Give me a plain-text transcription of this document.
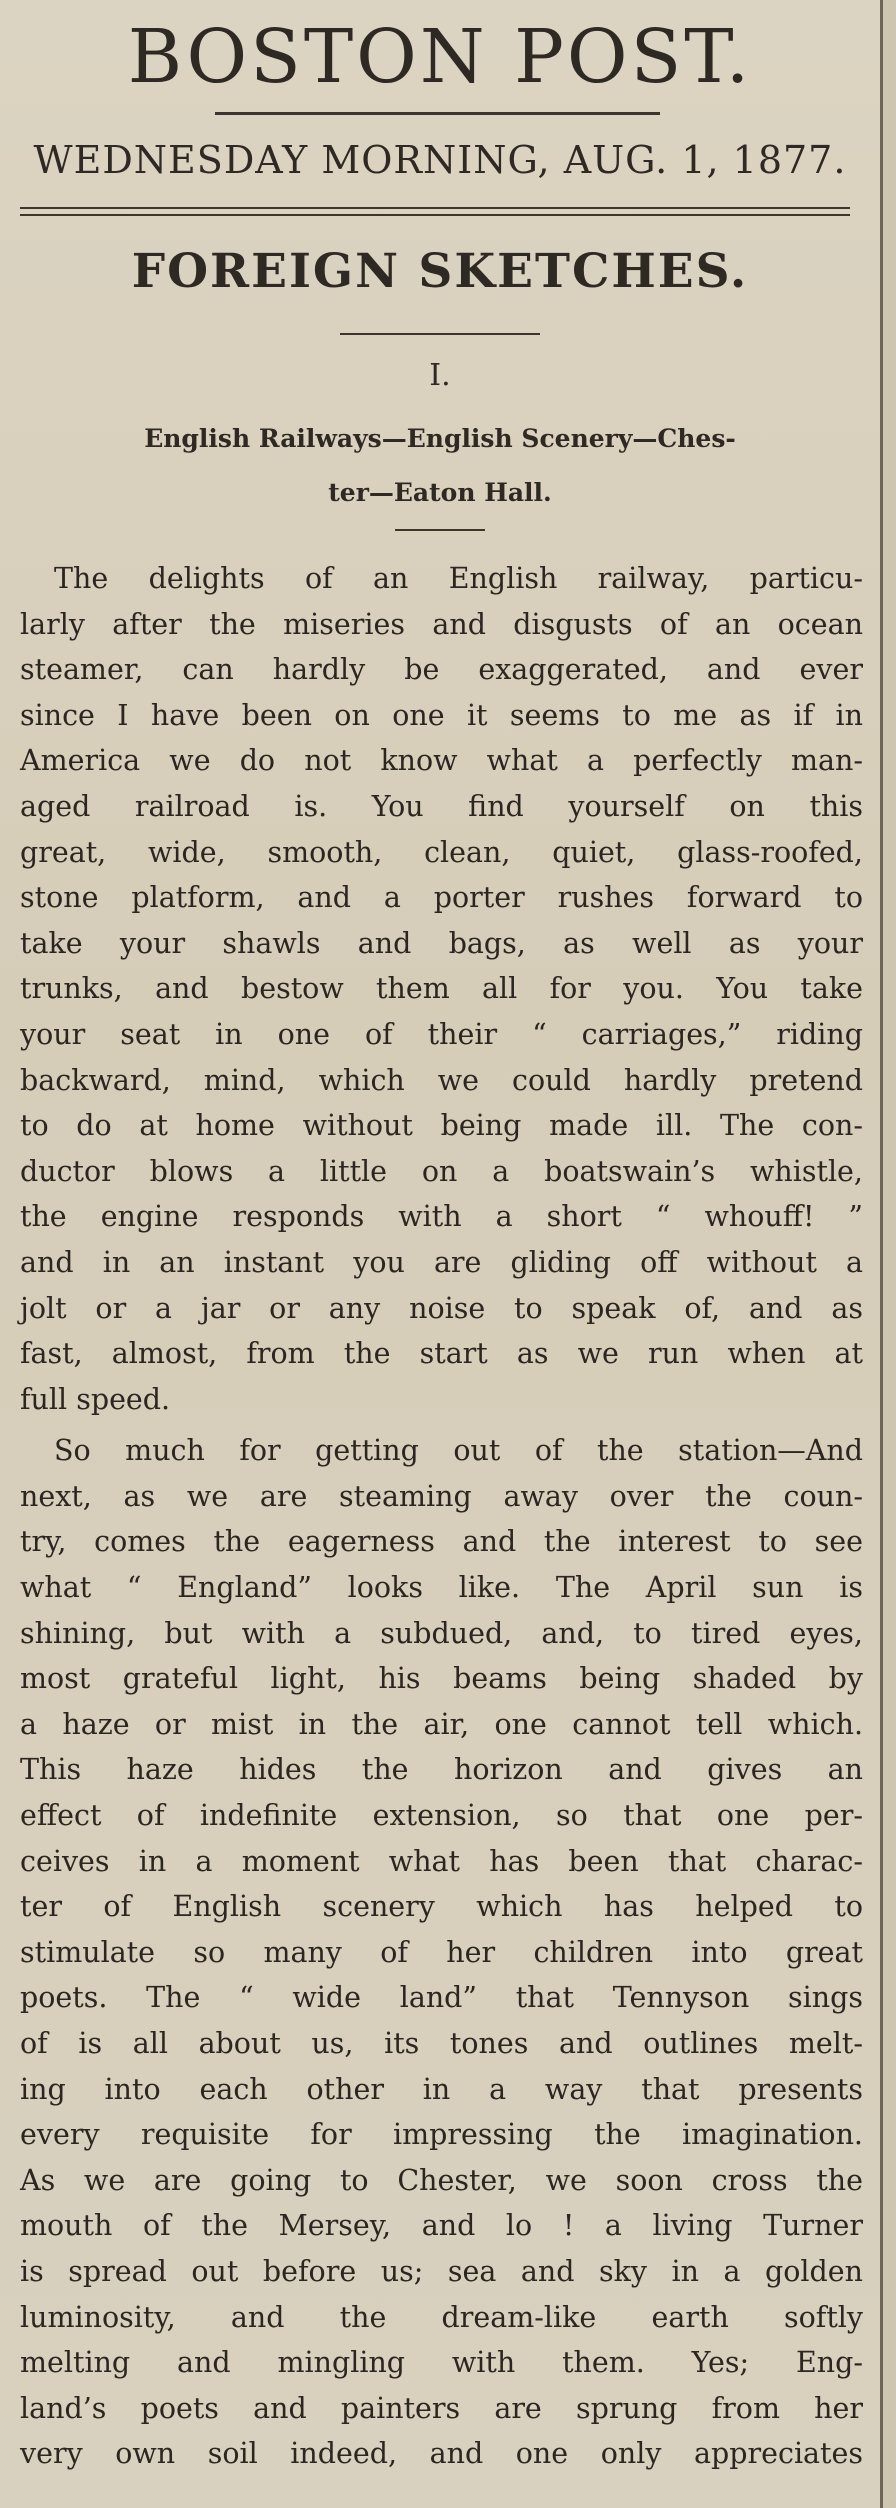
BOSTON POST.
WEDNESDAY MORNING, AUG. 1, 1877.
FOREIGN SKETCHES.
I.
English Railways—English Scenery—Ches-
ter—Eaton Hall.
The delights of an English railway, particu-
larly after the miseries and disgusts of an ocean
steamer, can hardly be exaggerated, and ever
since I have been on one it seems to me as if in
America we do not know what a perfectly man-
aged railroad is. You find yourself on this
great, wide, smooth, clean, quiet, glass-roofed,
stone platform, and a porter rushes forward to
take your shawls and bags, as well as your
trunks, and bestow them all for you. You take
your seat in one of their “ carriages,” riding
backward, mind, which we could hardly pretend
to do at home without being made ill. The con-
ductor blows a little on a boatswain’s whistle,
the engine responds with a short “ whouff! ”
and in an instant you are gliding off without a
jolt or a jar or any noise to speak of, and as
fast, almost, from the start as we run when at
full speed.
So much for getting out of the station—And
next, as we are steaming away over the coun-
try, comes the eagerness and the interest to see
what “ England” looks like. The April sun is
shining, but with a subdued, and, to tired eyes,
most grateful light, his beams being shaded by
a haze or mist in the air, one cannot tell which.
This haze hides the horizon and gives an
effect of indefinite extension, so that one per-
ceives in a moment what has been that charac-
ter of English scenery which has helped to
stimulate so many of her children into great
poets. The “ wide land” that Tennyson sings
of is all about us, its tones and outlines melt-
ing into each other in a way that presents
every requisite for impressing the imagination.
As we are going to Chester, we soon cross the
mouth of the Mersey, and lo ! a living Turner
is spread out before us; sea and sky in a golden
luminosity, and the dream-like earth softly
melting and mingling with them. Yes; Eng-
land’s poets and painters are sprung from her
very own soil indeed, and one only appreciates
